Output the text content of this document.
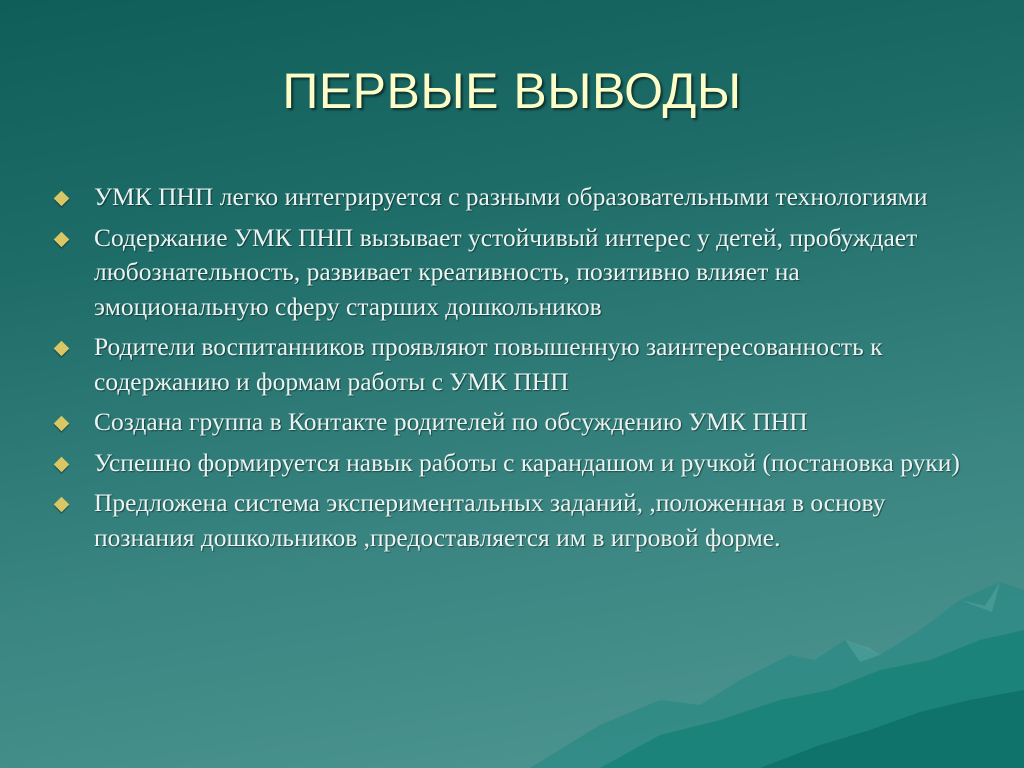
ПЕРВЫЕ ВЫВОДЫ
УМК ПНП легко интегрируется с разными образовательными технологиями
Содержание УМК ПНП вызывает устойчивый интерес у детей, пробуждает любознательность, развивает креативность, позитивно влияет на эмоциональную сферу старших дошкольников
Родители воспитанников проявляют повышенную заинтересованность к содержанию и формам работы с УМК ПНП
Создана группа в Контакте родителей по обсуждению УМК ПНП
Успешно формируется навык работы с карандашом и ручкой (постановка руки)
Предложена система экспериментальных заданий, ,положенная в основу познания дошкольников ,предоставляется им в игровой форме.
